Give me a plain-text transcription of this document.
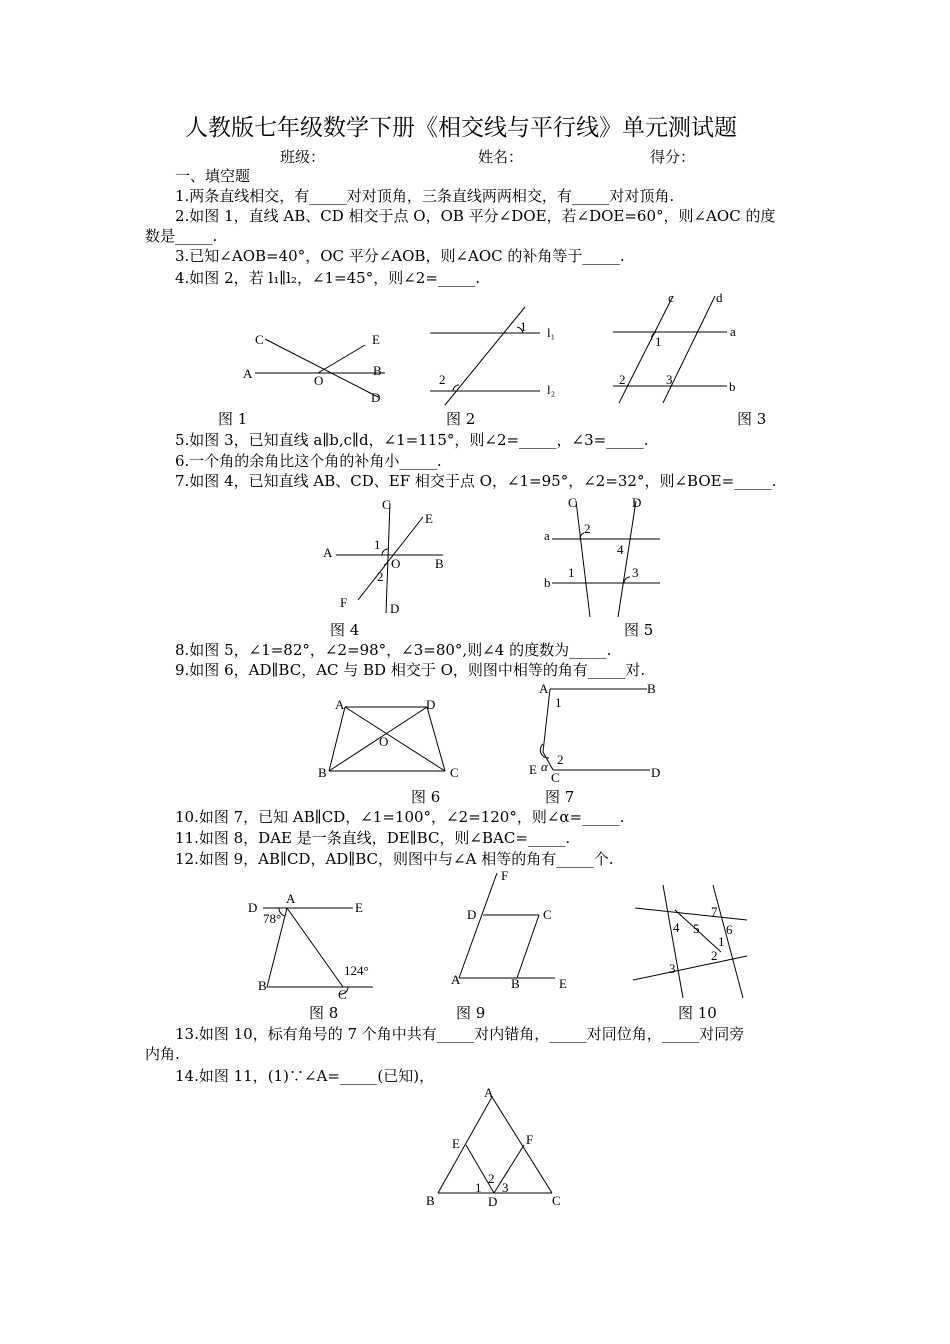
人教版七年级数学下册《相交线与平行线》单元测试题
班级：	姓名：	得分：
一、填空题
1.两条直线相交，有_____对对顶角，三条直线两两相交，有_____对对顶角.
2.如图 1，直线 AB、CD 相交于点 O，OB 平分∠DOE，若∠DOE=60°，则∠AOC 的度
数是_____.
3.已知∠AOB=40°，OC 平分∠AOB，则∠AOC 的补角等于_____.
4.如图 2，若 l₁∥l₂，∠1=45°，则∠2=_____.
C	E
A	O
B
D
1 l₁
2
l₂
c	d
a
1
2	3	b
图 1	图 2	图 3
5.如图 3，已知直线 a∥b,c∥d，∠1=115°，则∠2=_____，∠3=_____.
6.一个角的余角比这个角的补角小_____.
7.如图 4，已知直线 AB、CD、EF 相交于点 O，∠1=95°，∠2=32°，则∠BOE=_____.
C
E
1
A
O	B
2
F	D
C	D
2
a
4
1	3
b
图 4	图 5
8.如图 5，∠1=82°，∠2=98°，∠3=80°,则∠4 的度数为_____.
9.如图 6，AD∥BC，AC 与 BD 相交于 O，则图中相等的角有_____对.
A	D
O
B	C
A	B
1
2
E α
C	D
图 6	图 7
10.如图 7，已知 AB∥CD，∠1=100°，∠2=120°，则∠α=_____.
11.如图 8，DAE 是一条直线，DE∥BC，则∠BAC=_____.
12.如图 9，AB∥CD，AD∥BC，则图中与∠A 相等的角有_____个.
D
A
E
78°
124°
B
C
F
D	C
A	B	E
7
4 5 6
1
2
3
图 8	图 9	图 10
13.如图 10，标有角号的 7 个角中共有_____对内错角，_____对同位角，_____对同旁
内角.
14.如图 11，(1)∵∠A=_____(已知)，
A
E	F
2
1 3
B	D	C
